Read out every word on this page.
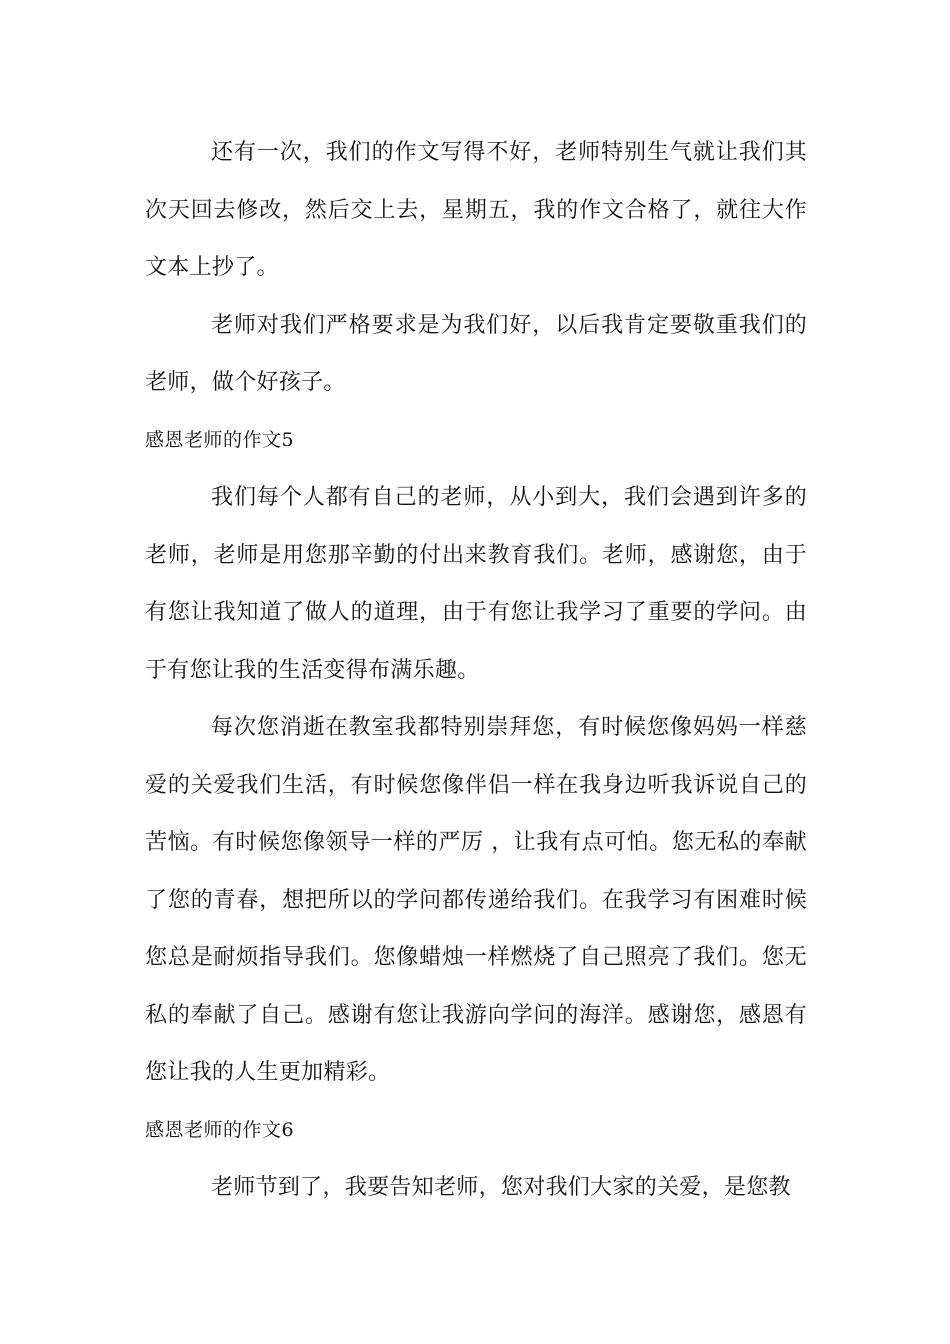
还有一次，我们的作文写得不好，老师特别生气就让我们其次天回去修改，然后交上去，星期五，我的作文合格了，就往大作文本上抄了。

老师对我们严格要求是为我们好，以后我肯定要敬重我们的老师，做个好孩子。

感恩老师的作文5

我们每个人都有自己的老师，从小到大，我们会遇到许多的老师，老师是用您那辛勤的付出来教育我们。老师，感谢您，由于有您让我知道了做人的道理，由于有您让我学习了重要的学问。由于有您让我的生活变得布满乐趣。

每次您消逝在教室我都特别崇拜您，有时候您像妈妈一样慈爱的关爱我们生活，有时候您像伴侣一样在我身边听我诉说自己的苦恼。有时候您像领导一样的严厉 ，让我有点可怕。您无私的奉献了您的青春，想把所以的学问都传递给我们。在我学习有困难时候您总是耐烦指导我们。您像蜡烛一样燃烧了自己照亮了我们。您无私的奉献了自己。感谢有您让我游向学问的海洋。感谢您，感恩有您让我的人生更加精彩。

感恩老师的作文6

老师节到了，我要告知老师，您对我们大家的关爱，是您教
